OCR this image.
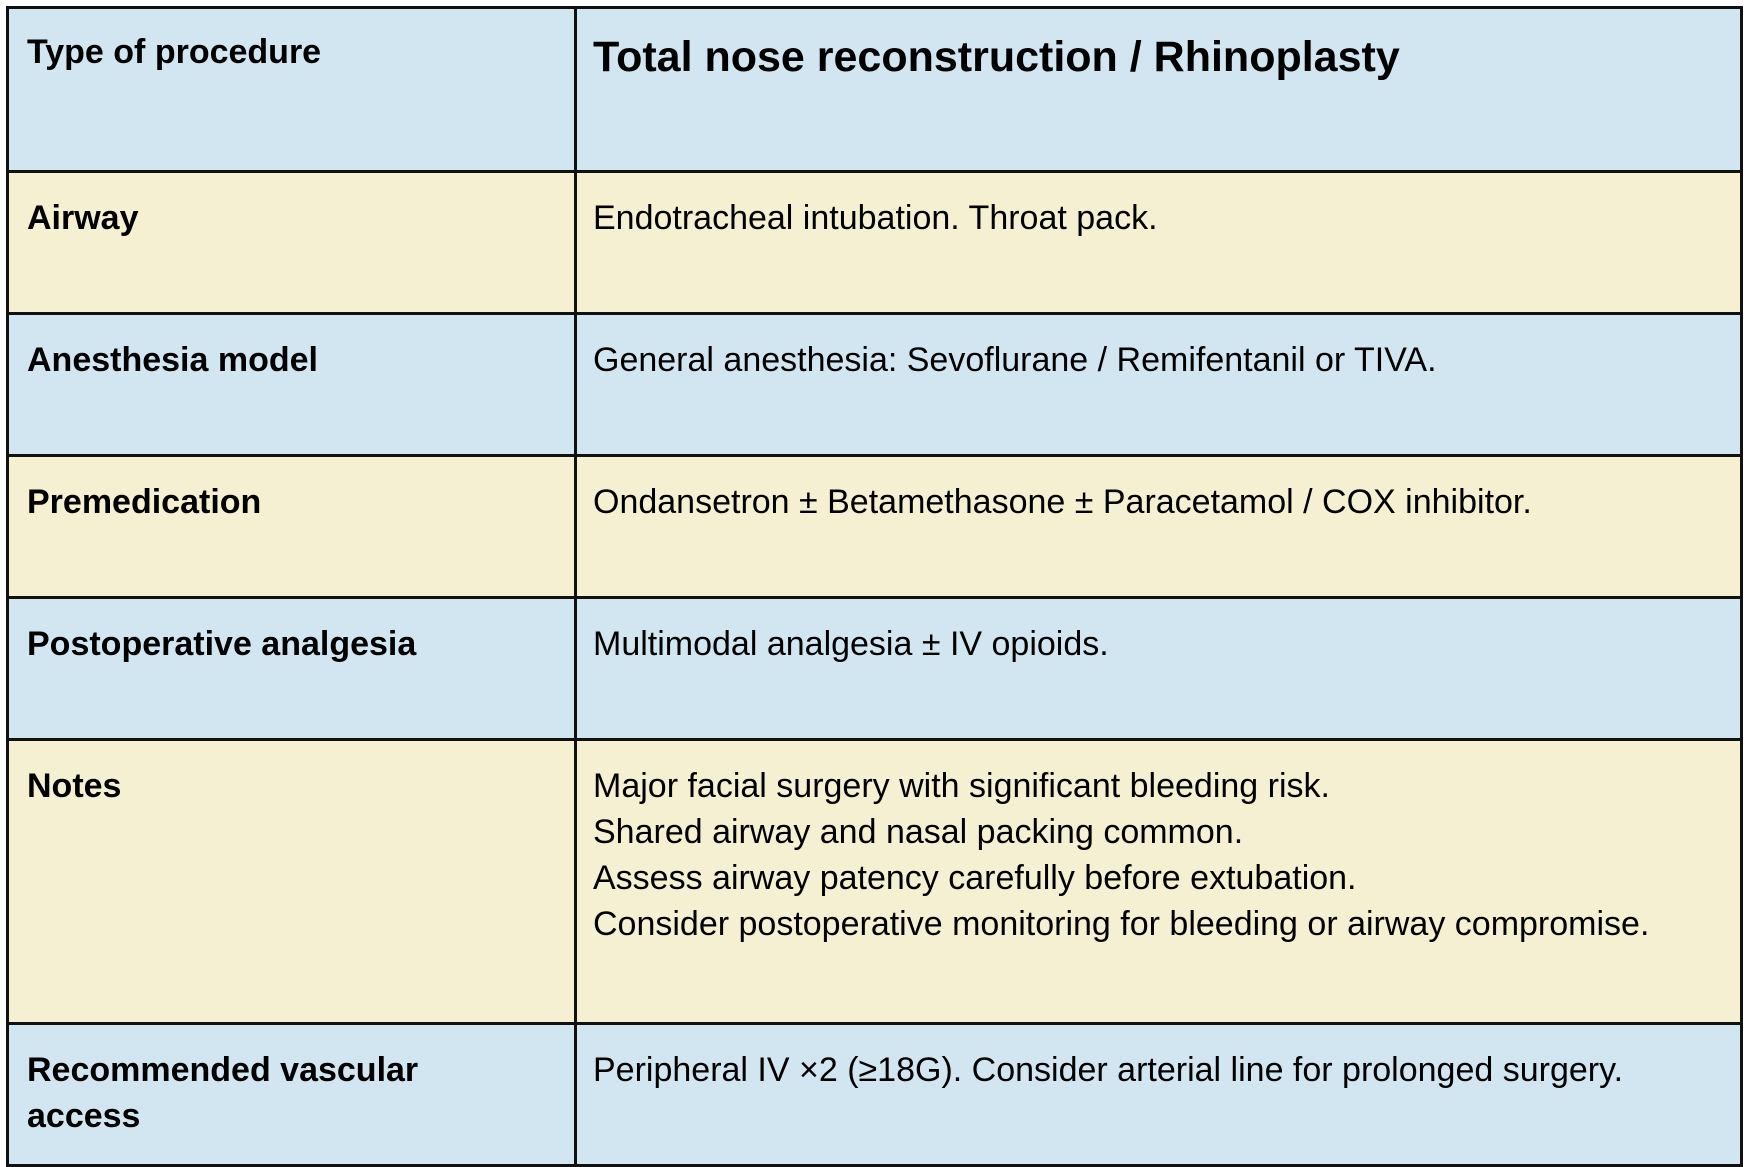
Type of procedure	Total nose reconstruction / Rhinoplasty

Airway	Endotracheal intubation. Throat pack.

Anesthesia model	General anesthesia: Sevoflurane / Remifentanil or TIVA.

Premedication	Ondansetron ± Betamethasone ± Paracetamol / COX inhibitor.

Postoperative analgesia	Multimodal analgesia ± IV opioids.

Notes	Major facial surgery with significant bleeding risk.
Shared airway and nasal packing common.
Assess airway patency carefully before extubation.
Consider postoperative monitoring for bleeding or airway compromise.

Recommended vascular
access	Peripheral IV ×2 (≥18G). Consider arterial line for prolonged surgery.
